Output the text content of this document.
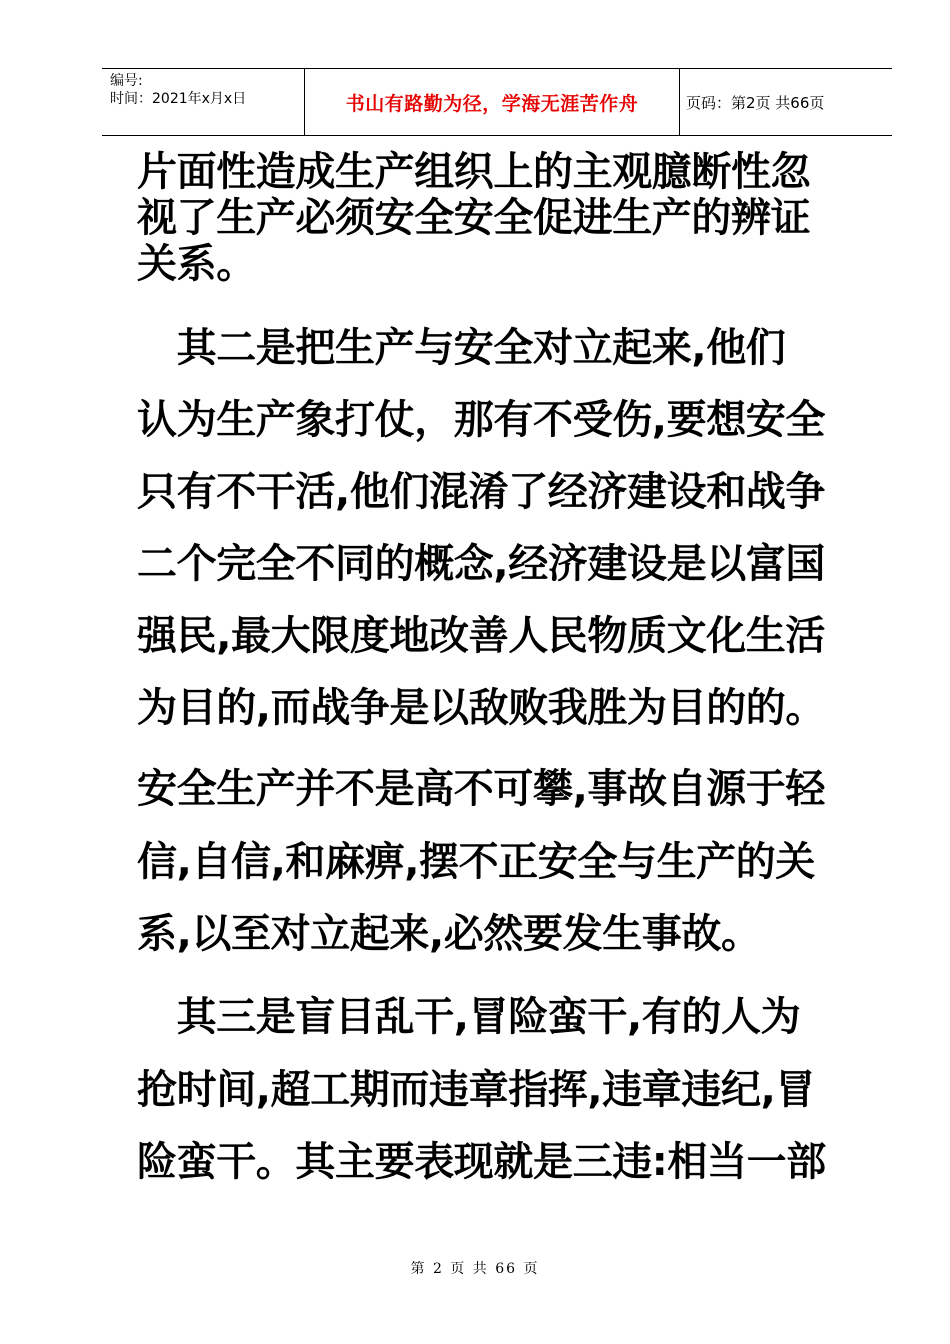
编号:
时间：2021年x月x日	书山有路勤为径，学海无涯苦作舟	页码：第2页 共66页
片面性造成生产组织上的主观臆断性忽
视了生产必须安全安全促进生产的辨证
关系。
　其二是把生产与安全对立起来,他们
认为生产象打仗，那有不受伤,要想安全
只有不干活,他们混淆了经济建设和战争
二个完全不同的概念,经济建设是以富国
强民,最大限度地改善人民物质文化生活
为目的,而战争是以敌败我胜为目的的。
安全生产并不是高不可攀,事故自源于轻
信,自信,和麻痹,摆不正安全与生产的关
系,以至对立起来,必然要发生事故。
　其三是盲目乱干,冒险蛮干,有的人为
抢时间,超工期而违章指挥,违章违纪,冒
险蛮干。其主要表现就是三违:相当一部
第 2 页 共 66 页
